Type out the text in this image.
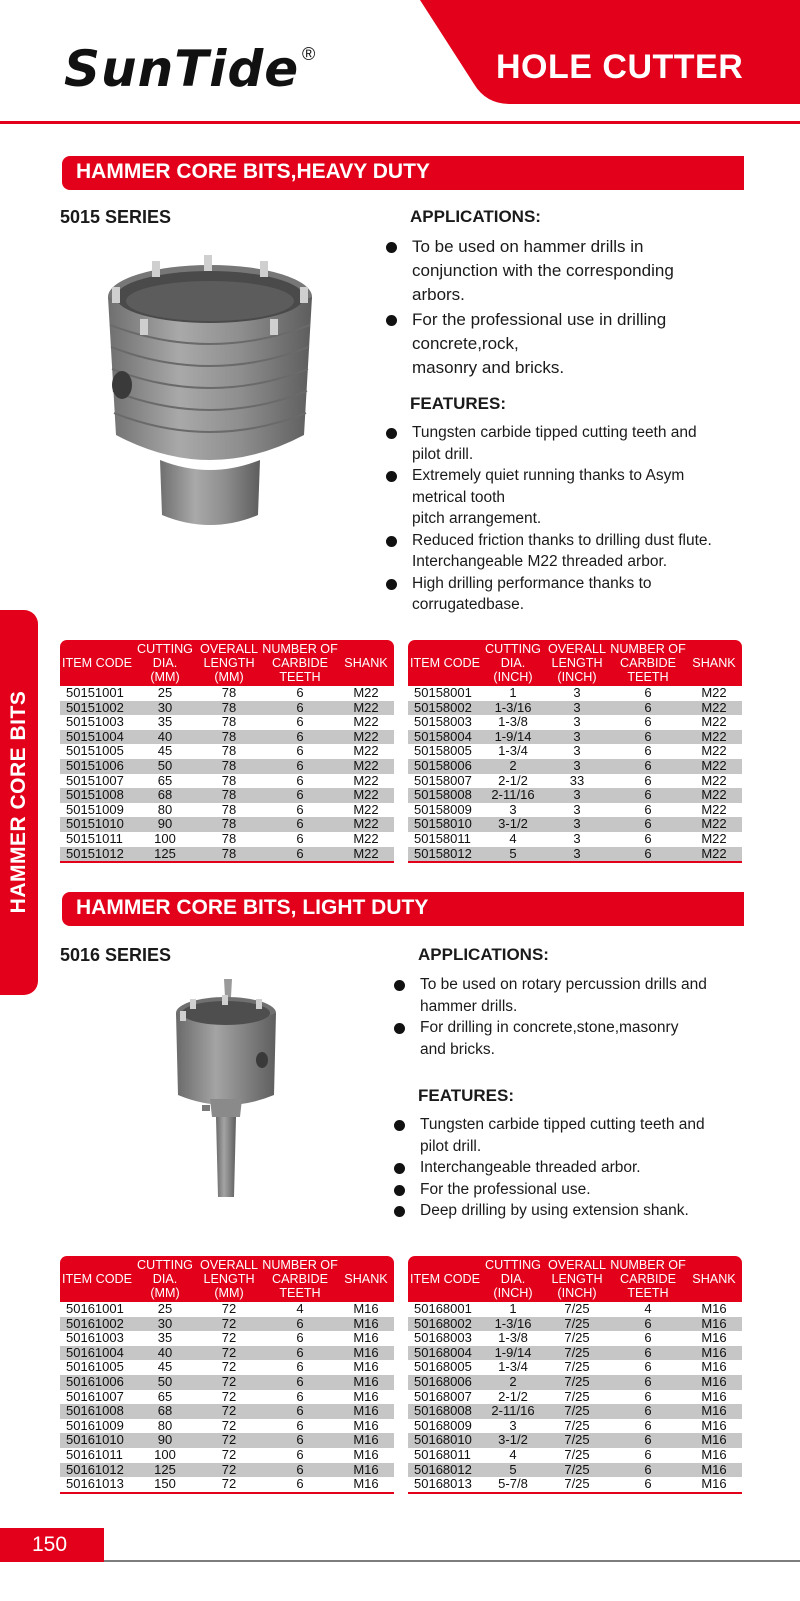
SunTide ®	HOLE CUTTER
HAMMER CORE BITS
HAMMER CORE BITS,HEAVY DUTY
5015 SERIES	APPLICATIONS:
To be used on hammer drills in
conjunction with the corresponding
arbors.
For the professional use in drilling
concrete,rock,
masonry and bricks.
FEATURES:
Tungsten carbide tipped cutting teeth and
pilot drill.
Extremely quiet running thanks to Asym
metrical tooth
pitch arrangement.
Reduced friction thanks to drilling dust flute.
Interchangeable M22 threaded arbor.
High drilling performance thanks to
corrugatedbase.
ITEM CODE	CUTTING
DIA.
(MM)	OVERALL
LENGTH
(MM)	NUMBER OF
CARBIDE
TEETH	SHANK

50151001	25	78	6	M22
50151002	30	78	6	M22
50151003	35	78	6	M22
50151004	40	78	6	M22
50151005	45	78	6	M22
50151006	50	78	6	M22
50151007	65	78	6	M22
50151008	68	78	6	M22
50151009	80	78	6	M22
50151010	90	78	6	M22
50151011	100	78	6	M22
50151012	125	78	6	M22
ITEM CODE	CUTTING
DIA.
(INCH)	OVERALL
LENGTH
(INCH)	NUMBER OF
CARBIDE
TEETH	SHANK

50158001	1	3	6	M22
50158002	1-3/16	3	6	M22
50158003	1-3/8	3	6	M22
50158004	1-9/14	3	6	M22
50158005	1-3/4	3	6	M22
50158006	2	3	6	M22
50158007	2-1/2	33	6	M22
50158008	2-11/16	3	6	M22
50158009	3	3	6	M22
50158010	3-1/2	3	6	M22
50158011	4	3	6	M22
50158012	5	3	6	M22
HAMMER CORE BITS, LIGHT DUTY
5016 SERIES	APPLICATIONS:
To be used on rotary percussion drills and
hammer drills.
For drilling in concrete,stone,masonry
and bricks.
FEATURES:
Tungsten carbide tipped cutting teeth and
pilot drill.
Interchangeable threaded arbor.
For the professional use.
Deep drilling by using extension shank.
ITEM CODE	CUTTING
DIA.
(MM)	OVERALL
LENGTH
(MM)	NUMBER OF
CARBIDE
TEETH	SHANK

50161001	25	72	4	M16
50161002	30	72	6	M16
50161003	35	72	6	M16
50161004	40	72	6	M16
50161005	45	72	6	M16
50161006	50	72	6	M16
50161007	65	72	6	M16
50161008	68	72	6	M16
50161009	80	72	6	M16
50161010	90	72	6	M16
50161011	100	72	6	M16
50161012	125	72	6	M16
50161013	150	72	6	M16
ITEM CODE	CUTTING
DIA.
(INCH)	OVERALL
LENGTH
(INCH)	NUMBER OF
CARBIDE
TEETH	SHANK

50168001	1	7/25	4	M16
50168002	1-3/16	7/25	6	M16
50168003	1-3/8	7/25	6	M16
50168004	1-9/14	7/25	6	M16
50168005	1-3/4	7/25	6	M16
50168006	2	7/25	6	M16
50168007	2-1/2	7/25	6	M16
50168008	2-11/16	7/25	6	M16
50168009	3	7/25	6	M16
50168010	3-1/2	7/25	6	M16
50168011	4	7/25	6	M16
50168012	5	7/25	6	M16
50168013	5-7/8	7/25	6	M16
150
